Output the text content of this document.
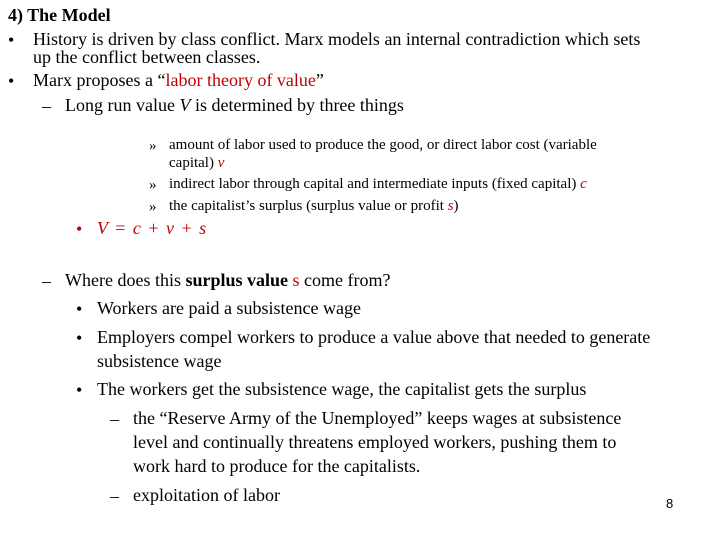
4) The Model
• History is driven by class conflict. Marx models an internal contradiction which sets
up the conflict between classes.
• Marx proposes a “labor theory of value”
– Long run value V is determined by three things
» amount of labor used to produce the good, or direct labor cost (variable
capital) v
» indirect labor through capital and intermediate inputs (fixed capital) c
» the capitalist’s surplus (surplus value or profit s)
• V = c + v + s
– Where does this surplus value s come from?
• Workers are paid a subsistence wage
• Employers compel workers to produce a value above that needed to generate
subsistence wage
• The workers get the subsistence wage, the capitalist gets the surplus
– the “Reserve Army of the Unemployed” keeps wages at subsistence
level and continually threatens employed workers, pushing them to
work hard to produce for the capitalists.
– exploitation of labor	8
